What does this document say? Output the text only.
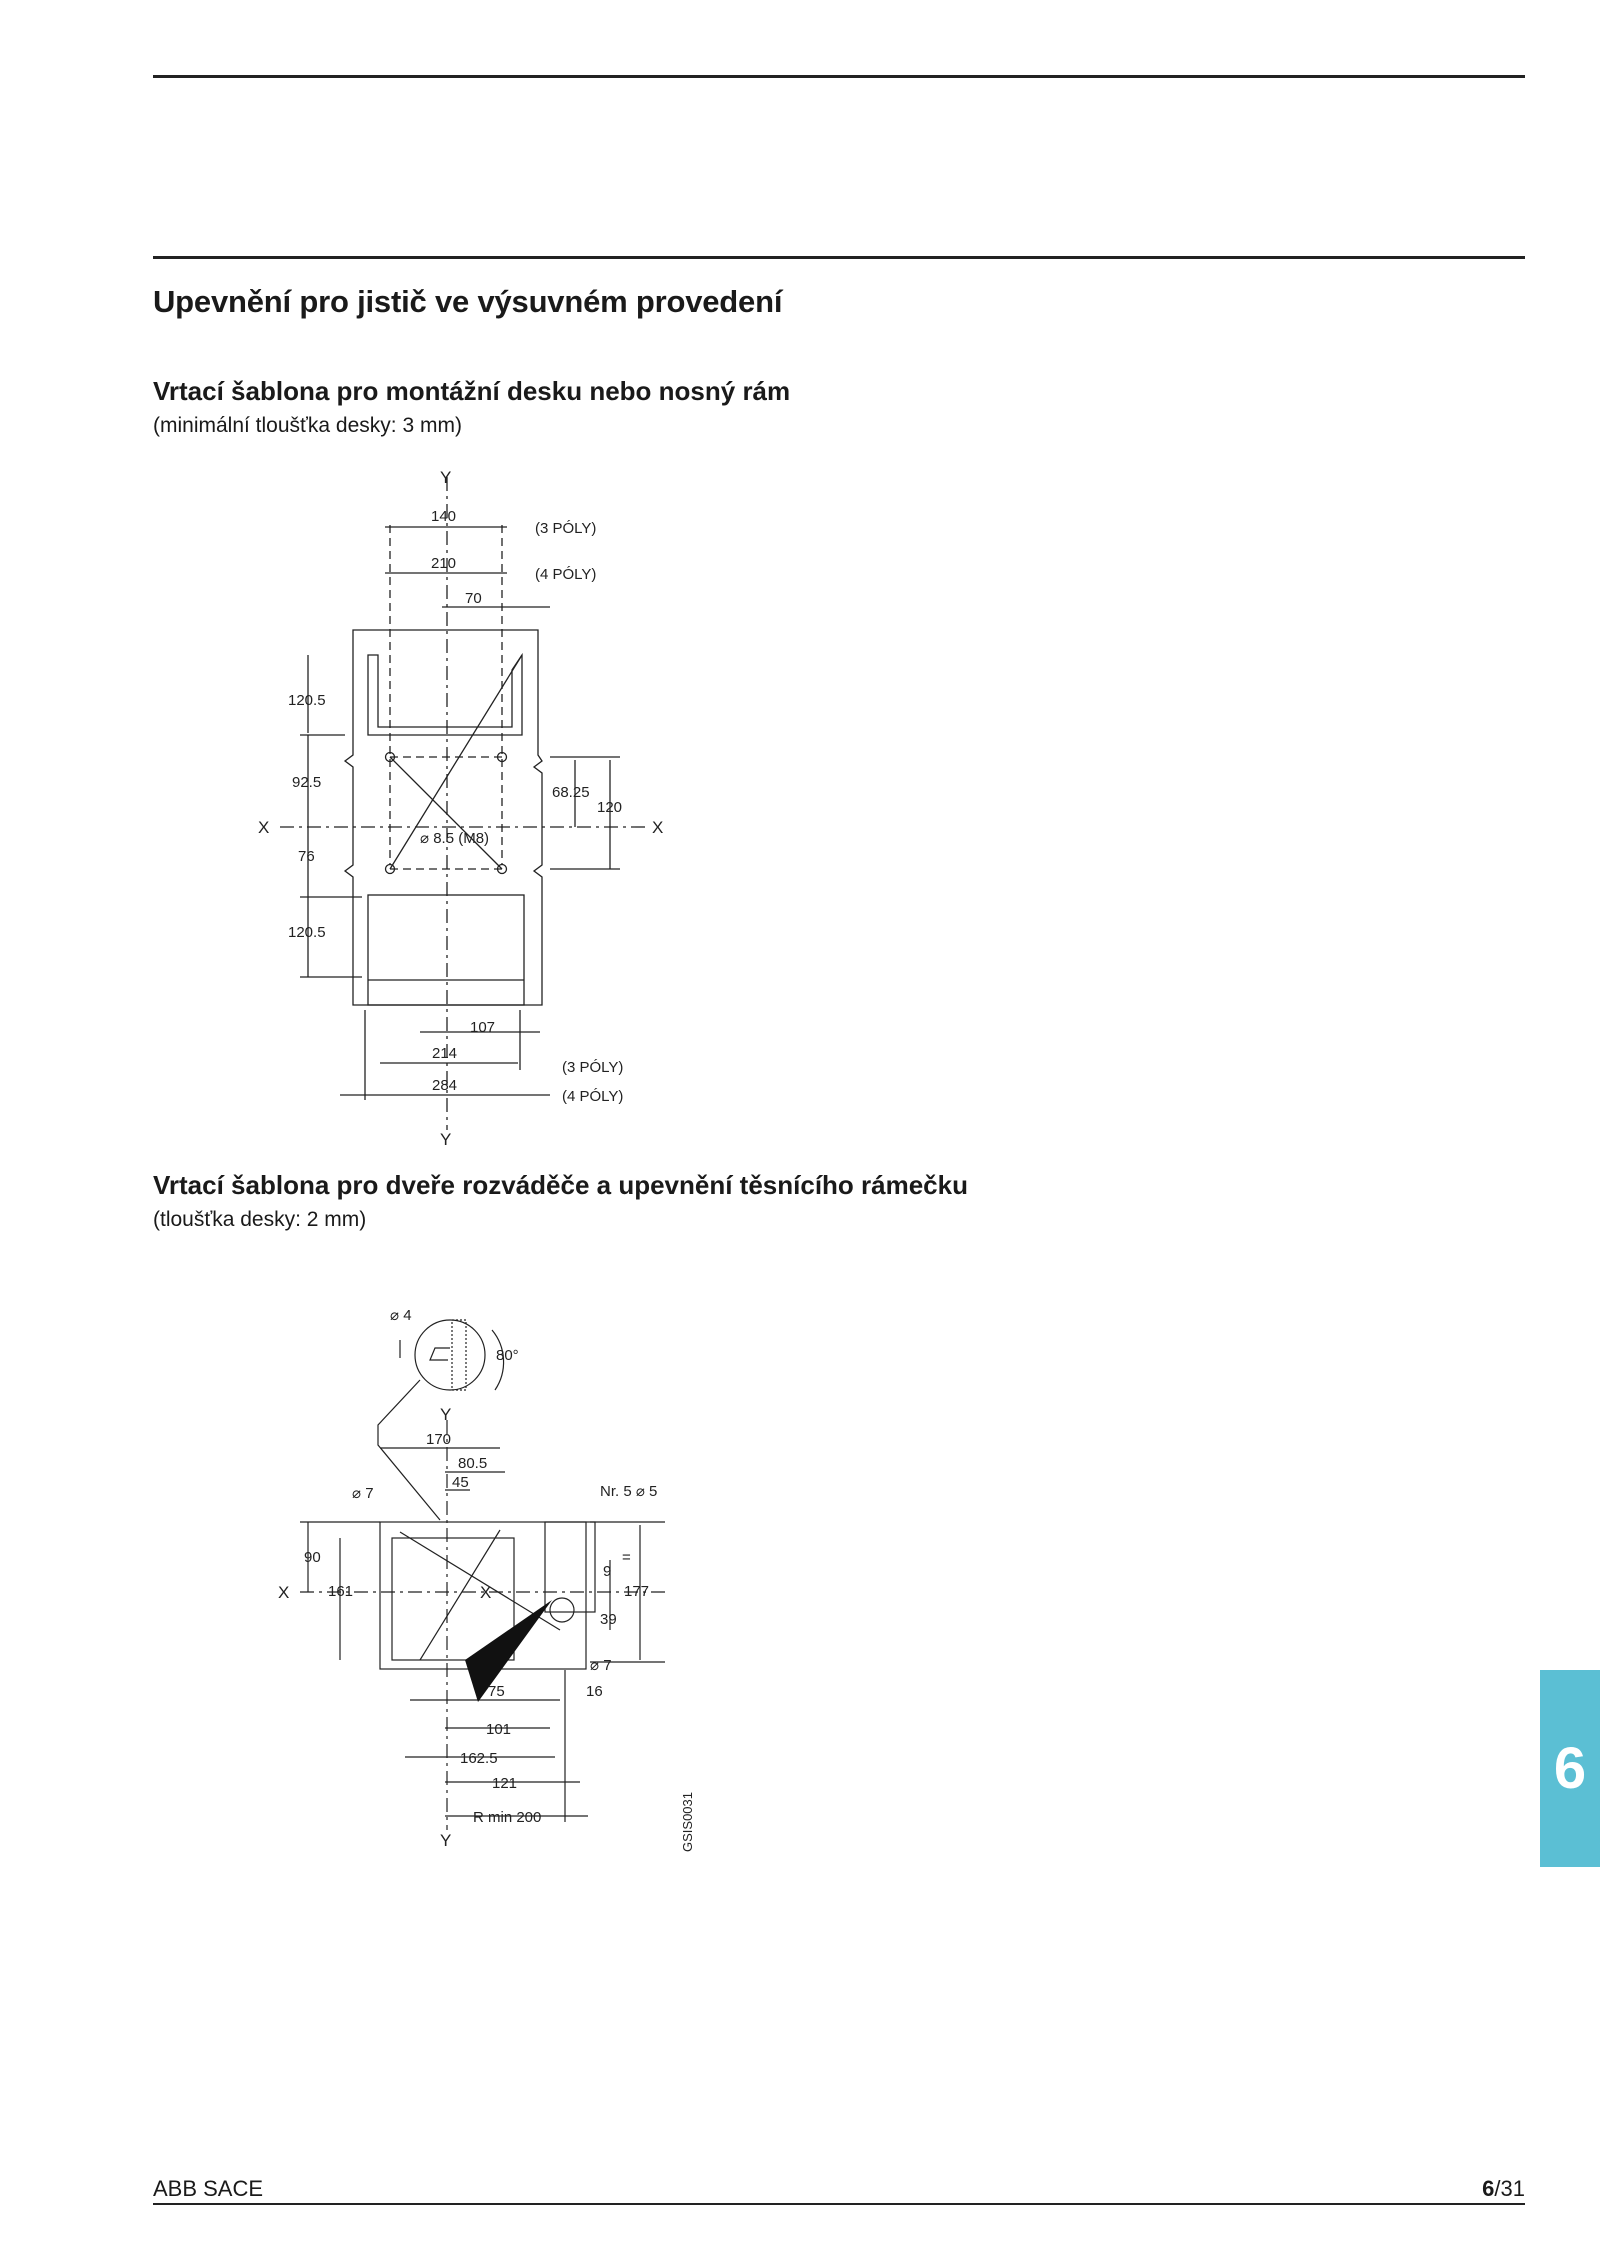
Upevnění pro jistič ve výsuvném provedení
Vrtací šablona pro montážní desku nebo nosný rám
(minimální tloušťka desky: 3 mm)
Y
140
(3 PÓLY)
210
(4 PÓLY)
70
120.5
92.5
X	X
76
120.5
68.25
120
⌀ 8.5 (M8)
107
214
(3 PÓLY)
284
(4 PÓLY)
Y
Vrtací šablona pro dveře rozváděče a upevnění těsnícího rámečku
(tloušťka desky: 2 mm)
⌀ 4
80°
Y
170
80.5
45
⌀ 7	Nr. 5 ⌀ 5
90
X	161	X
9
=
177
39
⌀ 7
75	16
101
162.5
121
R min 200
Y	GSIS0031
6
ABB SACE	6/31
